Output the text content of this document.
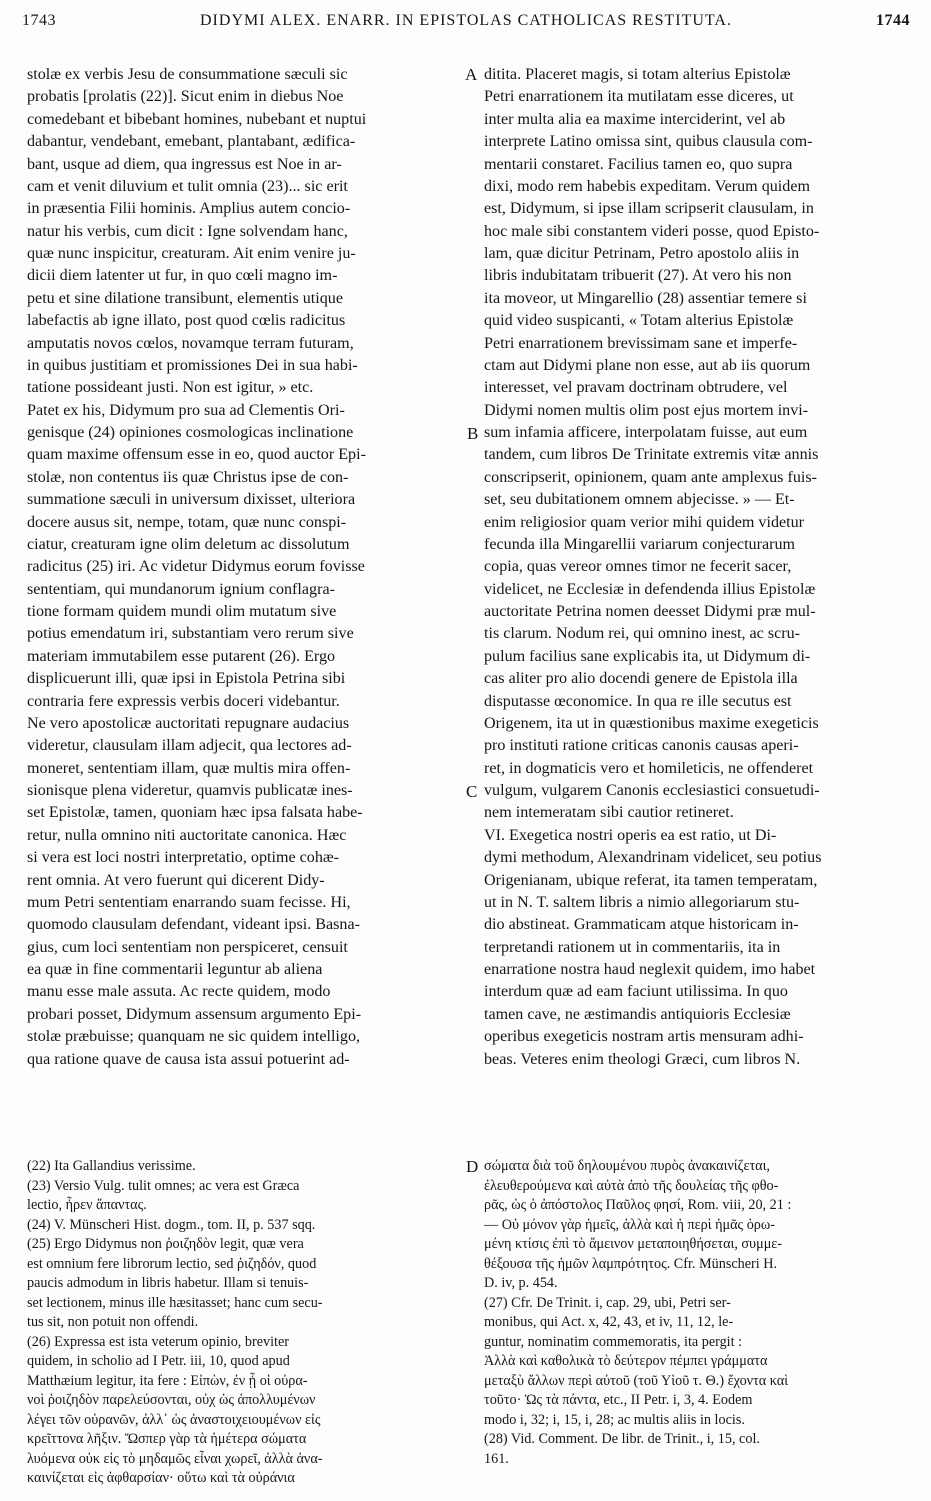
1743	DIDYMI ALEX. ENARR. IN EPISTOLAS CATHOLICAS RESTITUTA.	1744
stolæ ex verbis Jesu de consummatione sæculi sic
probatis [prolatis (22)]. Sicut enim in diebus Noe
comedebant et bibebant homines, nubebant et nuptui
dabantur, vendebant, emebant, plantabant, ædifica-
bant, usque ad diem, qua ingressus est Noe in ar-
cam et venit diluvium et tulit omnia (23)... sic erit
in præsentia Filii hominis. Amplius autem concio-
natur his verbis, cum dicit : Igne solvendam hanc,
quæ nunc inspicitur, creaturam. Ait enim venire ju-
dicii diem latenter ut fur, in quo cœli magno im-
petu et sine dilatione transibunt, elementis utique
labefactis ab igne illato, post quod cœlis radicitus
amputatis novos cœlos, novamque terram futuram,
in quibus justitiam et promissiones Dei in sua habi-
tatione possideant justi. Non est igitur, » etc.
Patet ex his, Didymum pro sua ad Clementis Ori-
genisque (24) opiniones cosmologicas inclinatione
quam maxime offensum esse in eo, quod auctor Epi-
stolæ, non contentus iis quæ Christus ipse de con-
summatione sæculi in universum dixisset, ulteriora
docere ausus sit, nempe, totam, quæ nunc conspi-
ciatur, creaturam igne olim deletum ac dissolutum
radicitus (25) iri. Ac videtur Didymus eorum fovisse
sententiam, qui mundanorum ignium conflagra-
tione formam quidem mundi olim mutatum sive
potius emendatum iri, substantiam vero rerum sive
materiam immutabilem esse putarent (26). Ergo
displicuerunt illi, quæ ipsi in Epistola Petrina sibi
contraria fere expressis verbis doceri videbantur.
Ne vero apostolicæ auctoritati repugnare audacius
videretur, clausulam illam adjecit, qua lectores ad-
moneret, sententiam illam, quæ multis mira offen-
sionisque plena videretur, quamvis publicatæ ines-
set Epistolæ, tamen, quoniam hæc ipsa falsata habe-
retur, nulla omnino niti auctoritate canonica. Hæc
si vera est loci nostri interpretatio, optime cohæ-
rent omnia. At vero fuerunt qui dicerent Didy-
mum Petri sententiam enarrando suam fecisse. Hi,
quomodo clausulam defendant, videant ipsi. Basna-
gius, cum loci sententiam non perspiceret, censuit
ea quæ in fine commentarii leguntur ab aliena
manu esse male assuta. Ac recte quidem, modo
probari posset, Didymum assensum argumento Epi-
stolæ præbuisse; quanquam ne sic quidem intelligo,
qua ratione quave de causa ista assui potuerint ad-
ditita. Placeret magis, si totam alterius Epistolæ
Petri enarrationem ita mutilatam esse diceres, ut
inter multa alia ea maxime interciderint, vel ab
interprete Latino omissa sint, quibus clausula com-
mentarii constaret. Facilius tamen eo, quo supra
dixi, modo rem habebis expeditam. Verum quidem
est, Didymum, si ipse illam scripserit clausulam, in
hoc male sibi constantem videri posse, quod Episto-
lam, quæ dicitur Petrinam, Petro apostolo aliis in
libris indubitatam tribuerit (27). At vero his non
ita moveor, ut Mingarellio (28) assentiar temere si
quid video suspicanti, « Totam alterius Epistolæ
Petri enarrationem brevissimam sane et imperfe-
ctam aut Didymi plane non esse, aut ab iis quorum
interesset, vel pravam doctrinam obtrudere, vel
Didymi nomen multis olim post ejus mortem invi-
sum infamia afficere, interpolatam fuisse, aut eum
tandem, cum libros De Trinitate extremis vitæ annis
conscripserit, opinionem, quam ante amplexus fuis-
set, seu dubitationem omnem abjecisse. » — Et-
enim religiosior quam verior mihi quidem videtur
fecunda illa Mingarellii variarum conjecturarum
copia, quas vereor omnes timor ne fecerit sacer,
videlicet, ne Ecclesiæ in defendenda illius Epistolæ
auctoritate Petrina nomen deesset Didymi præ mul-
tis clarum. Nodum rei, qui omnino inest, ac scru-
pulum facilius sane explicabis ita, ut Didymum di-
cas aliter pro alio docendi genere de Epistola illa
disputasse œconomice. In qua re ille secutus est
Origenem, ita ut in quæstionibus maxime exegeticis
pro instituti ratione criticas canonis causas aperi-
ret, in dogmaticis vero et homileticis, ne offenderet
vulgum, vulgarem Canonis ecclesiastici consuetudi-
nem intemeratam sibi cautior retineret.
VI. Exegetica nostri operis ea est ratio, ut Di-
dymi methodum, Alexandrinam videlicet, seu potius
Origenianam, ubique referat, ita tamen temperatam,
ut in N. T. saltem libris a nimio allegoriarum stu-
dio abstineat. Grammaticam atque historicam in-
terpretandi rationem ut in commentariis, ita in
enarratione nostra haud neglexit quidem, imo habet
interdum quæ ad eam faciunt utilissima. In quo
tamen cave, ne æstimandis antiquioris Ecclesiæ
operibus exegeticis nostram artis mensuram adhi-
beas. Veteres enim theologi Græci, cum libros N.
A
B
C
D
(22) Ita Gallandius verissime.
(23) Versio Vulg. tulit omnes; ac vera est Græca
lectio, ἦρεν ἅπαντας.
(24) V. Münscheri Hist. dogm., tom. II, p. 537 sqq.
(25) Ergo Didymus non ῥοιζηδὸν legit, quæ vera
est omnium fere librorum lectio, sed ῥιζηδόν, quod
paucis admodum in libris habetur. Illam si tenuis-
set lectionem, minus ille hæsitasset; hanc cum secu-
tus sit, non potuit non offendi.
(26) Expressa est ista veterum opinio, breviter
quidem, in scholio ad I Petr. iii, 10, quod apud
Matthæium legitur, ita fere : Εἰπὼν, ἐν ᾗ οἱ οὐρα-
νοὶ ῥοιζηδὸν παρελεύσονται, οὐχ ὡς ἀπολλυμένων
λέγει τῶν οὐρανῶν, ἀλλ᾽ ὡς ἀναστοιχειουμένων εἰς
κρεῖττονα λῆξιν. Ὥσπερ γὰρ τὰ ἡμέτερα σώματα
λυόμενα οὐκ εἰς τὸ μηδαμῶς εἶναι χωρεῖ, ἀλλὰ ἀνα-
καινίζεται εἰς ἀφθαρσίαν· οὕτω καὶ τὰ οὐράνια
σώματα διὰ τοῦ δηλουμένου πυρὸς ἀνακαινίζεται,
ἐλευθερούμενα καὶ αὐτὰ ἀπὸ τῆς δουλείας τῆς φθο-
ρᾶς, ὡς ὁ ἀπόστολος Παῦλος φησί, Rom. viii, 20, 21 :
— Οὐ μόνον γὰρ ἡμεῖς, ἀλλὰ καὶ ἡ περὶ ἡμᾶς ὁρω-
μένη κτίσις ἐπὶ τὸ ἄμεινον μεταποιηθήσεται, συμμε-
θέξουσα τῆς ἡμῶν λαμπρότητος. Cfr. Münscheri H.
D. iv, p. 454.
(27) Cfr. De Trinit. i, cap. 29, ubi, Petri ser-
monibus, qui Act. x, 42, 43, et iv, 11, 12, le-
guntur, nominatim commemoratis, ita pergit :
Ἀλλὰ καὶ καθολικὰ τὸ δεύτερον πέμπει γράμματα
μεταξὺ ἄλλων περὶ αὐτοῦ (τοῦ Υἱοῦ τ. Θ.) ἔχοντα καὶ
τοῦτο· Ὡς τὰ πάντα, etc., II Petr. i, 3, 4. Eodem
modo i, 32; i, 15, i, 28; ac multis aliis in locis.
(28) Vid. Comment. De libr. de Trinit., i, 15, col.
161.
